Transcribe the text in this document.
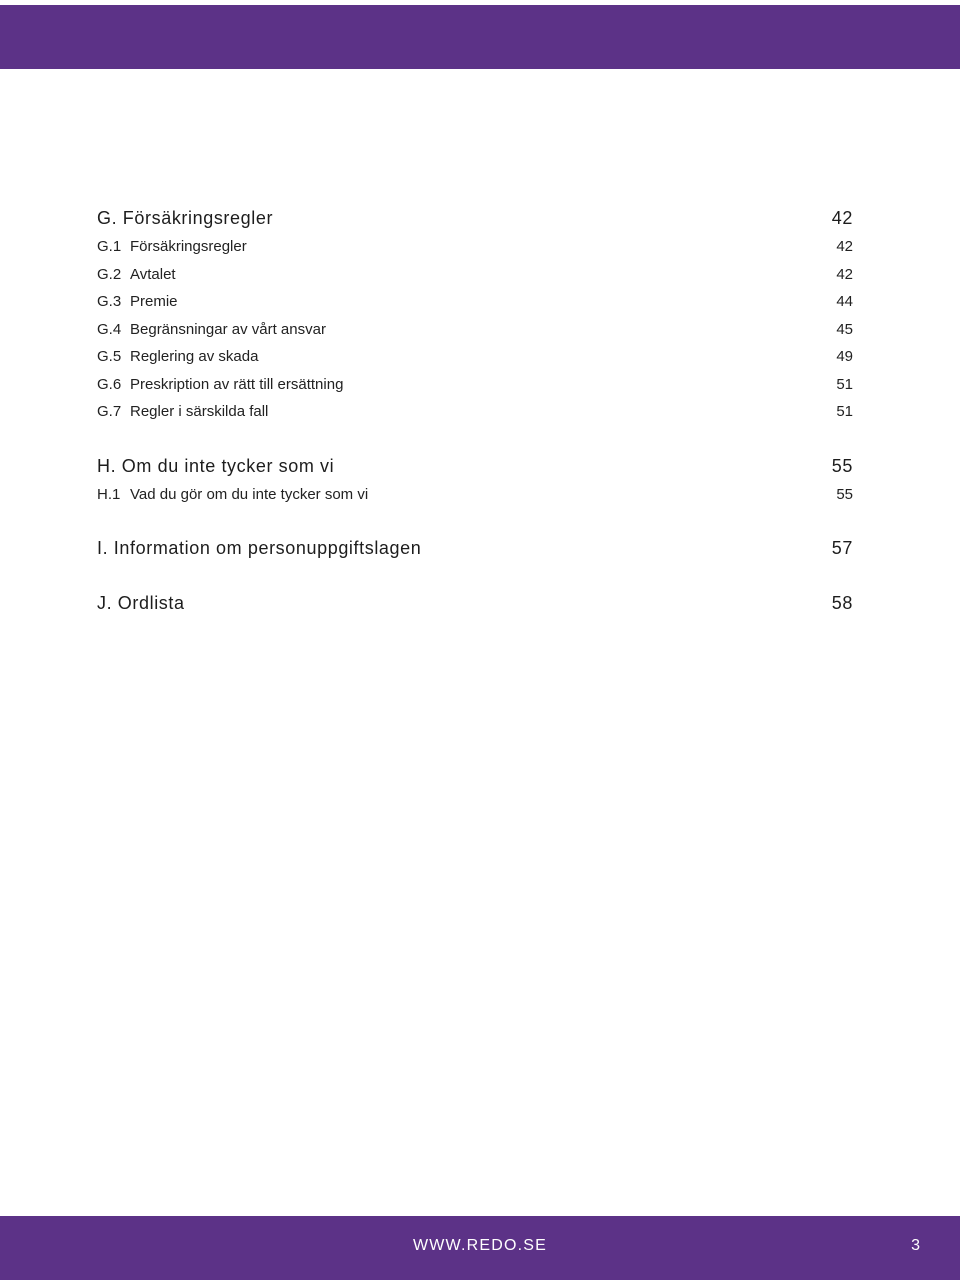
G. Försäkringsregler	42
G.1 Försäkringsregler	42
G.2 Avtalet	42
G.3 Premie	44
G.4 Begränsningar av vårt ansvar	45
G.5 Reglering av skada	49
G.6 Preskription av rätt till ersättning	51
G.7 Regler i särskilda fall	51
H. Om du inte tycker som vi	55
H.1 Vad du gör om du inte tycker som vi	55
I. Information om personuppgiftslagen	57
J. Ordlista	58
WWW.REDO.SE	3
